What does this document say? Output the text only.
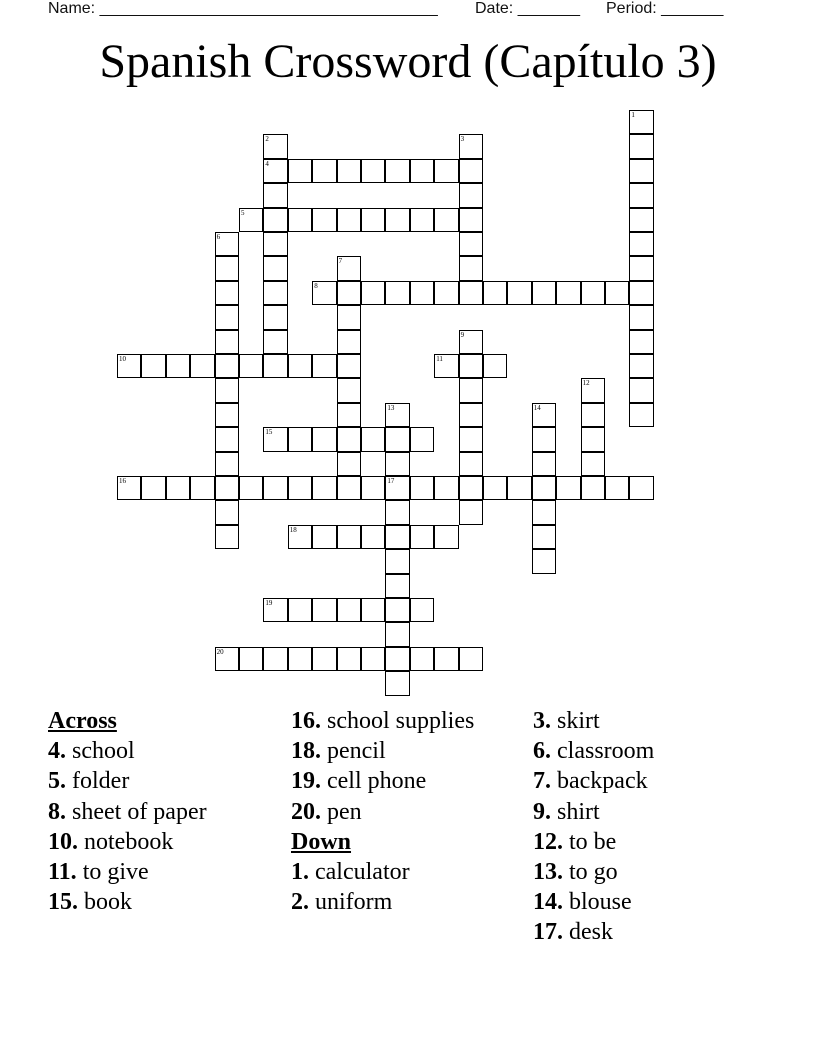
Name: ______________________________________ Date: _______ Period: _______
Spanish Crossword (Capítulo 3)
1
2
4
3
5
6
7
8
9
10	11
12
13	14
15
16	17
18
19
20
Across
4. school
5. folder
8. sheet of paper
10. notebook
11. to give
15. book
16. school supplies
18. pencil
19. cell phone
20. pen
Down
1. calculator
2. uniform
3. skirt
6. classroom
7. backpack
9. shirt
12. to be
13. to go
14. blouse
17. desk
